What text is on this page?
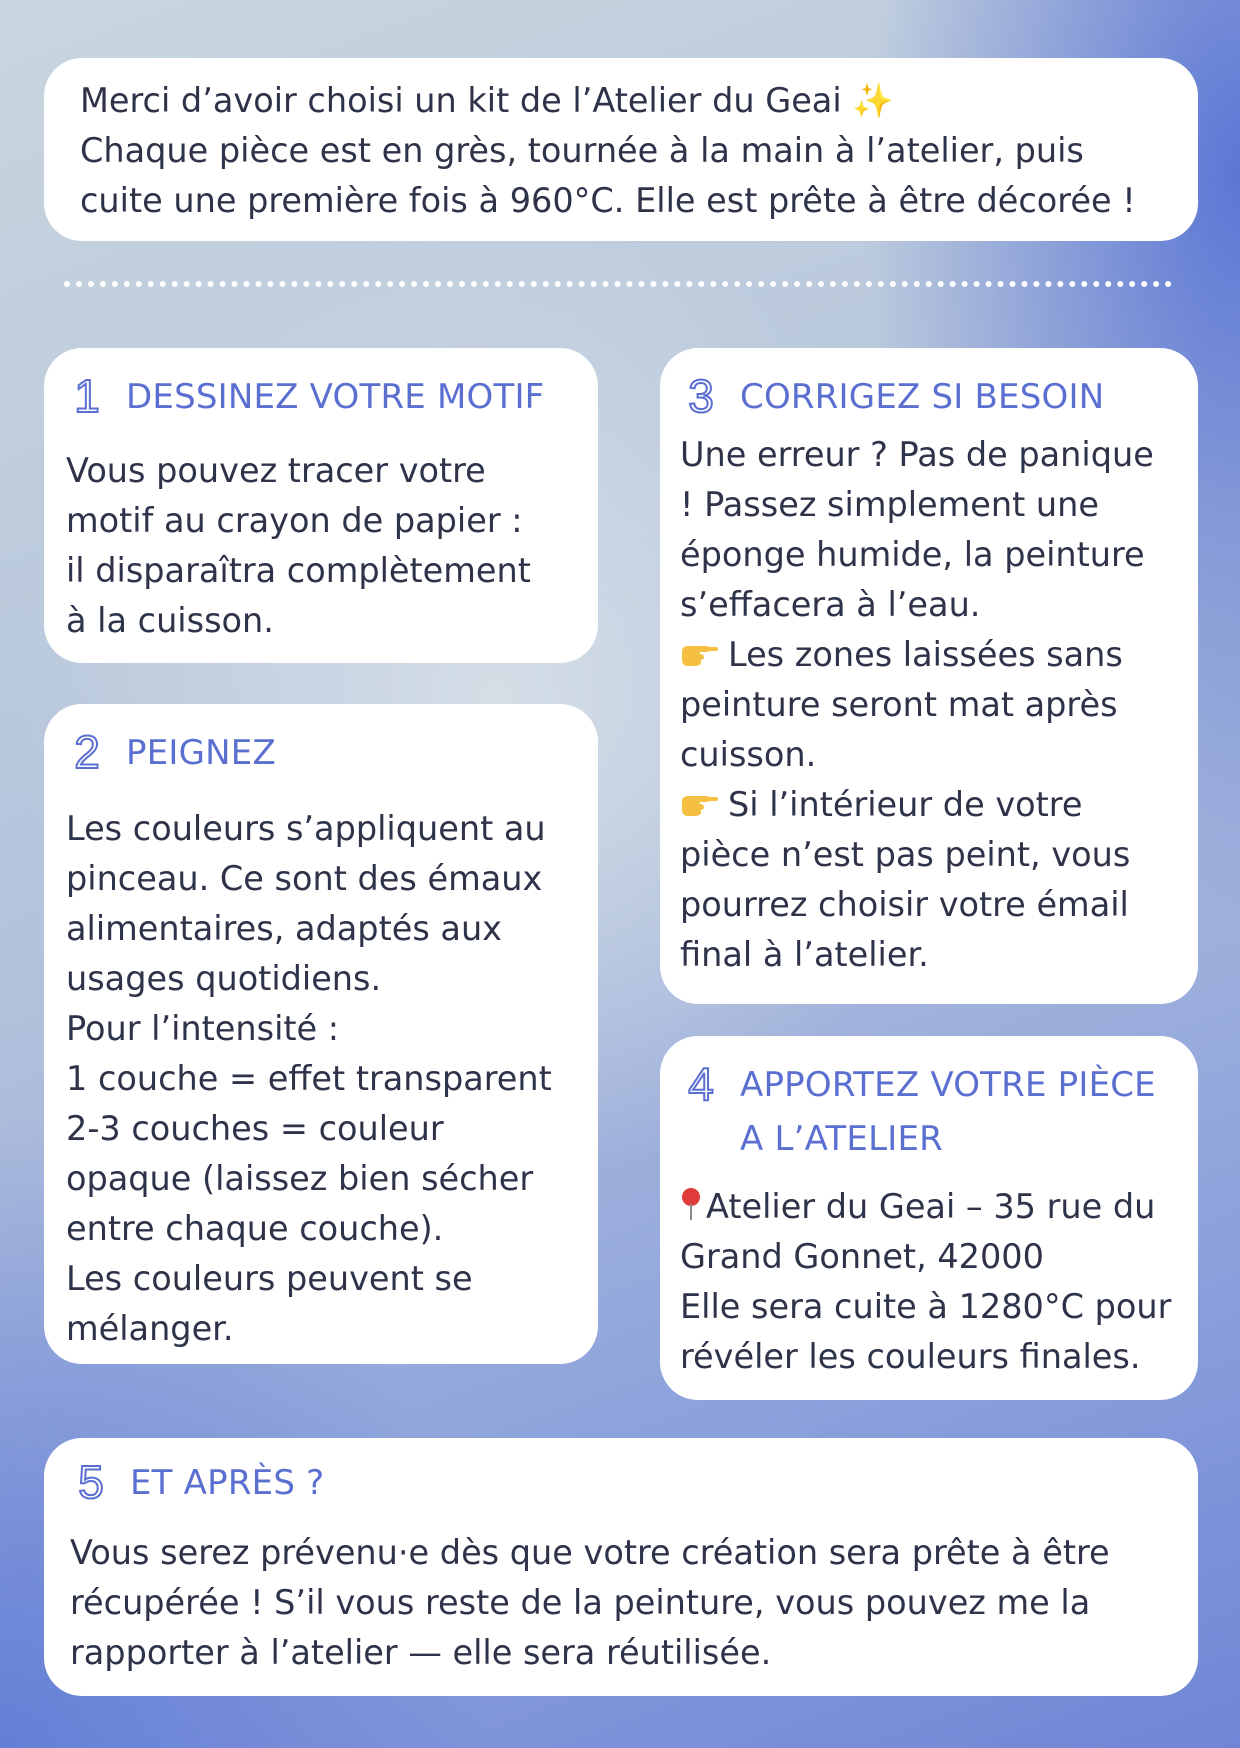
Merci d’avoir choisi un kit de l’Atelier du Geai ✨
Chaque pièce est en grès, tournée à la main à l’atelier, puis
cuite une première fois à 960°C. Elle est prête à être décorée !
1 DESSINEZ VOTRE MOTIF
Vous pouvez tracer votre
motif au crayon de papier :
il disparaîtra complètement
à la cuisson.
2 PEIGNEZ
Les couleurs s’appliquent au
pinceau. Ce sont des émaux
alimentaires, adaptés aux
usages quotidiens.
Pour l’intensité :
1 couche = effet transparent
2-3 couches = couleur
opaque (laissez bien sécher
entre chaque couche).
Les couleurs peuvent se
mélanger.
3 CORRIGEZ SI BESOIN
Une erreur ? Pas de panique
! Passez simplement une
éponge humide, la peinture
s’effacera à l’eau.
Les zones laissées sans
peinture seront mat après
cuisson.
Si l’intérieur de votre
pièce n’est pas peint, vous
pourrez choisir votre émail
final à l’atelier.
4 APPORTEZ VOTRE PIÈCE
A L’ATELIER
Atelier du Geai – 35 rue du
Grand Gonnet, 42000
Elle sera cuite à 1280°C pour
révéler les couleurs finales.
5 ET APRÈS ?
Vous serez prévenu·e dès que votre création sera prête à être
récupérée ! S’il vous reste de la peinture, vous pouvez me la
rapporter à l’atelier — elle sera réutilisée.
